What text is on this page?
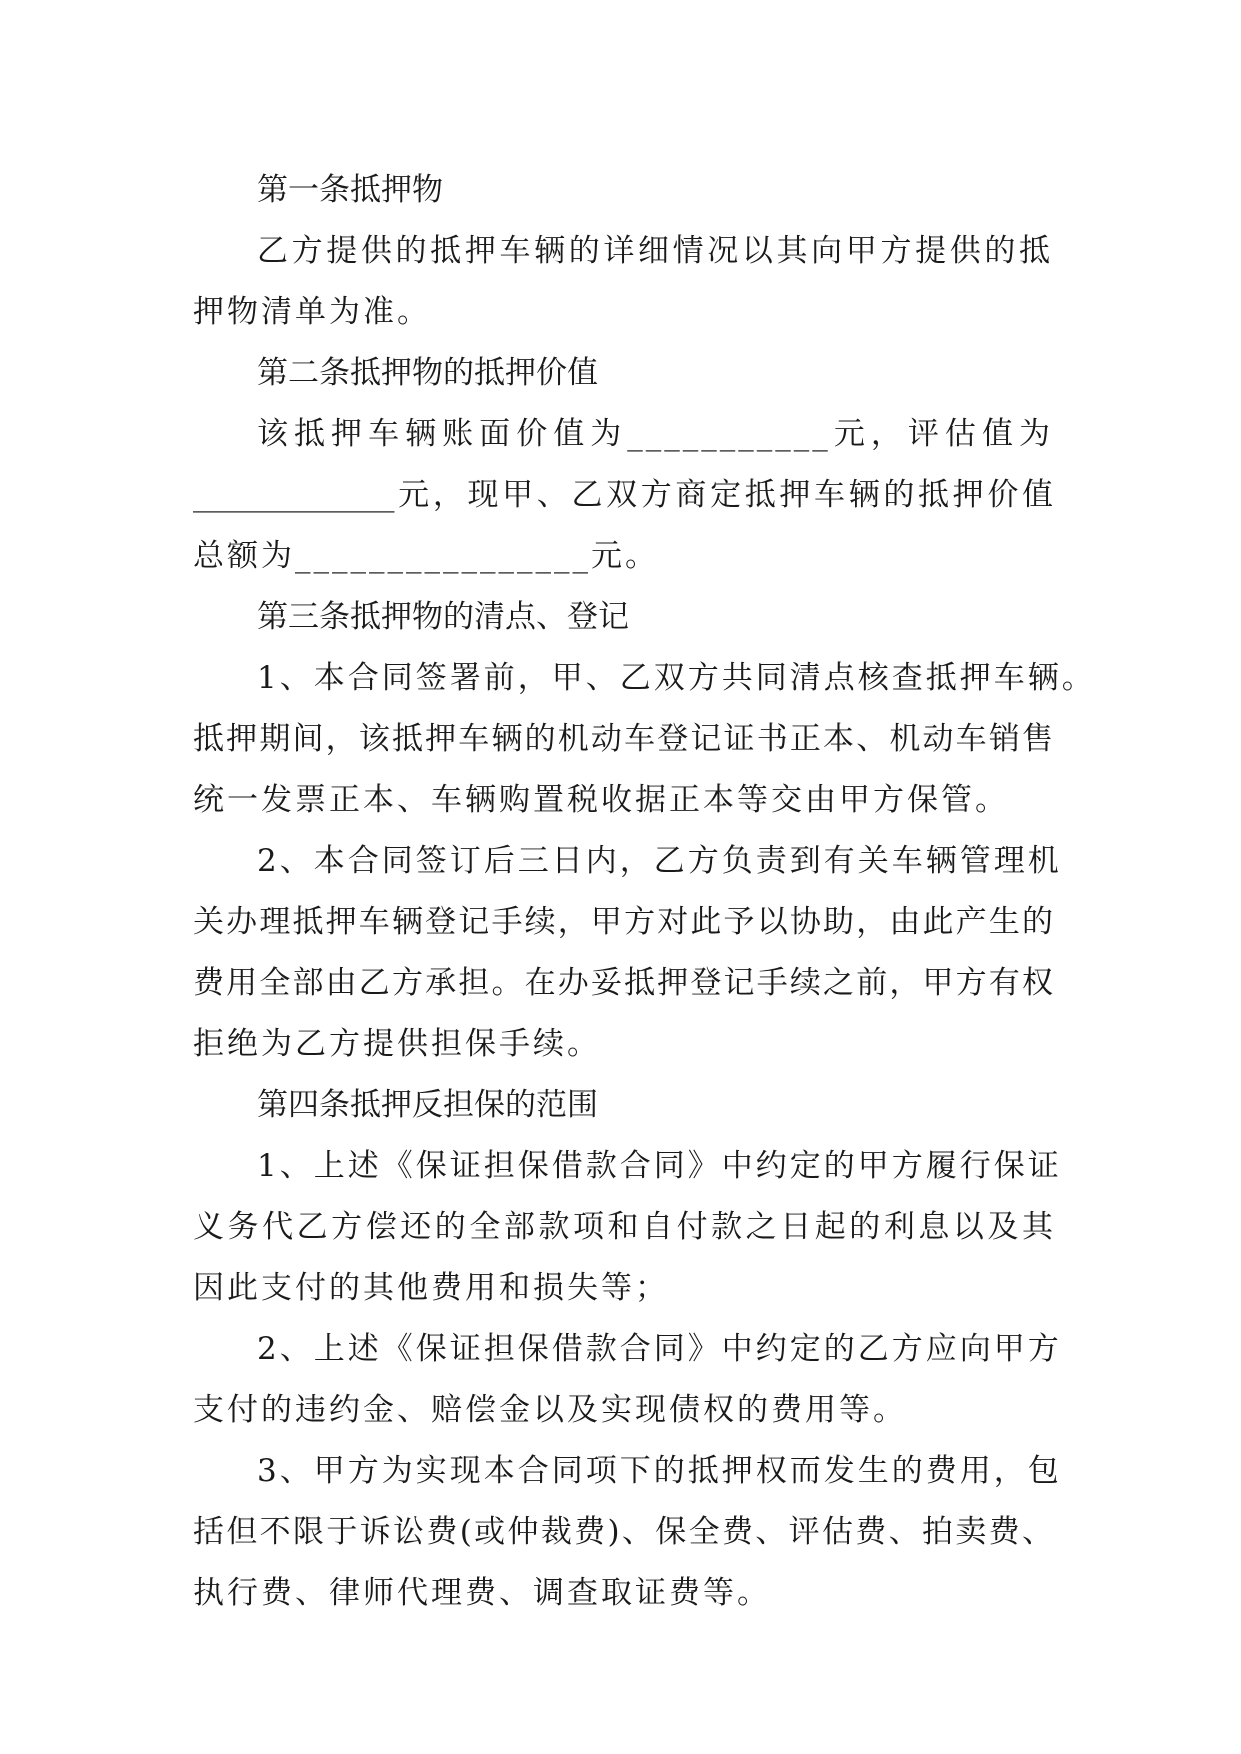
第一条抵押物
乙方提供的抵押车辆的详细情况以其向甲方提供的抵
押物清单为准。
第二条抵押物的抵押价值
该抵押车辆账面价值为___________元，评估值为
_____________元，现甲、乙双方商定抵押车辆的抵押价值
总额为________________元。
第三条抵押物的清点、登记
1、本合同签署前，甲、乙双方共同清点核查抵押车辆。
抵押期间，该抵押车辆的机动车登记证书正本、机动车销售
统一发票正本、车辆购置税收据正本等交由甲方保管。
2、本合同签订后三日内，乙方负责到有关车辆管理机
关办理抵押车辆登记手续，甲方对此予以协助，由此产生的
费用全部由乙方承担。在办妥抵押登记手续之前，甲方有权
拒绝为乙方提供担保手续。
第四条抵押反担保的范围
1、上述《保证担保借款合同》中约定的甲方履行保证
义务代乙方偿还的全部款项和自付款之日起的利息以及其
因此支付的其他费用和损失等；
2、上述《保证担保借款合同》中约定的乙方应向甲方
支付的违约金、赔偿金以及实现债权的费用等。
3、甲方为实现本合同项下的抵押权而发生的费用，包
括但不限于诉讼费(或仲裁费)、保全费、评估费、拍卖费、
执行费、律师代理费、调查取证费等。
